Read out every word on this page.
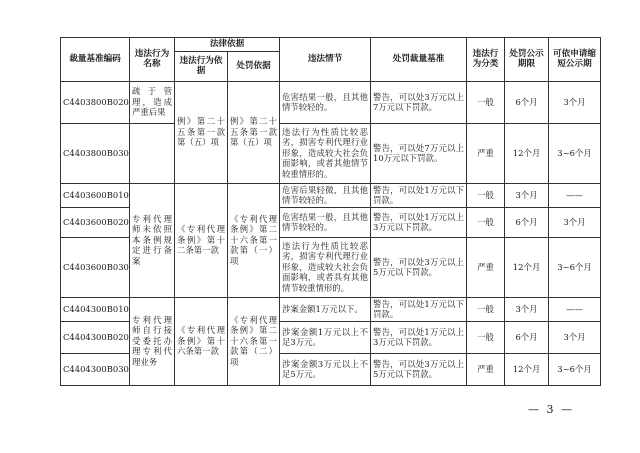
裁量基准编码	违法行为名称	法律依据		违法情节	处罚裁量基准	违法行为分类	处罚公示期限	可依申请缩短公示期
		违法行为依据	处罚依据					
C4403800B020	疏于管理，造成严重后果	例》第二十五条第一款第（五）项	例》第二十五条第一款第（五）项	危害结果一般，且其他情节较轻的。	警告，可以处3万元以上7万元以下罚款。	一般	6个月	3个月
C4403800B030				违法行为性质比较恶劣，损害专利代理行业形象，造成较大社会负面影响，或者其他情节较重情形的。	警告，可以处7万元以上10万元以下罚款。	严重	12个月	3~6个月
C4403600B010	专利代理师未依照本条例规定进行备案	《专利代理条例》第十二条第一款	《专利代理条例》第二十六条第一款第（一）项	危害后果轻微，且其他情节较轻的。	警告，可以处1万元以下罚款。	一般	3个月	——
C4403600B020				危害结果一般，且其他情节较轻的。	警告，可以处1万元以上3万元以下罚款。	一般	6个月	3个月
C4403600B030				违法行为性质比较恶劣，损害专利代理行业形象，造成较大社会负面影响，或者具有其他情节较重情形的。	警告，可以处3万元以上5万元以下罚款。	严重	12个月	3~6个月
C4404300B010	专利代理师自行接受委托办理专利代理业务	《专利代理条例》第十六条第一款	《专利代理条例》第二十六条第一款第（二）项	涉案金额1万元以下。	警告，可以处1万元以下罚款。	一般	3个月	——
C4404300B020				涉案金额1万元以上不足3万元。	警告，可以处1万元以上3万元以下罚款。	一般	6个月	3个月
C4404300B030				涉案金额3万元以上不足5万元。	警告，可以处3万元以上5万元以下罚款。	严重	12个月	3~6个月
— 3 —
